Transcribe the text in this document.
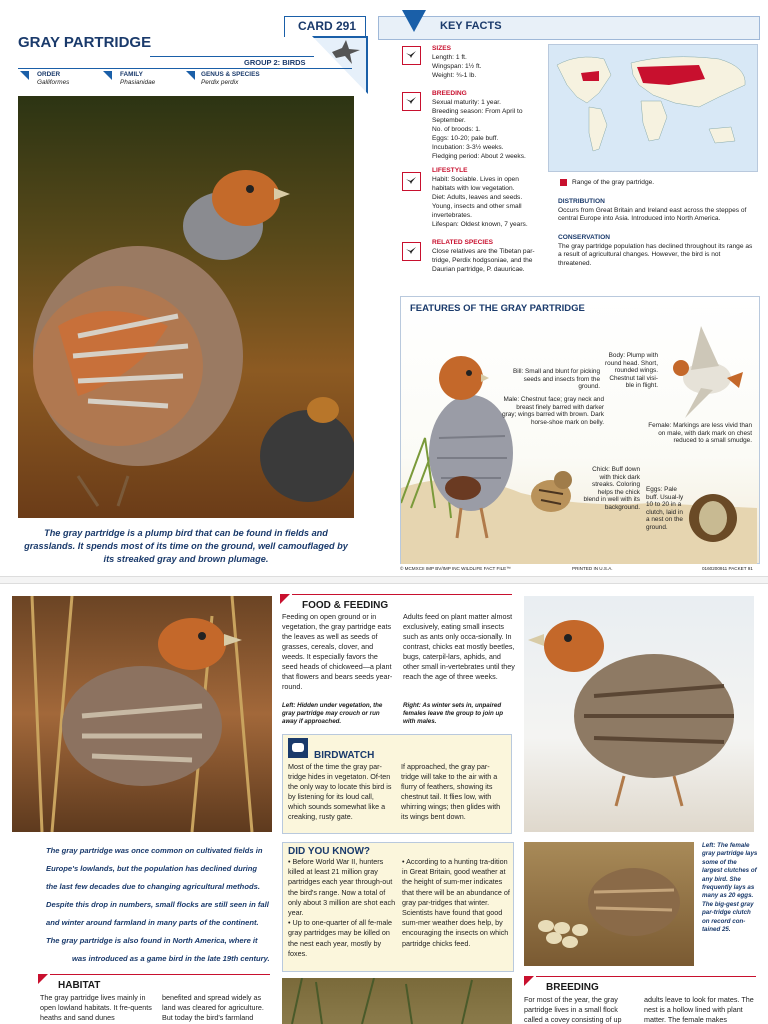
CARD 291
GRAY PARTRIDGE
GROUP 2: BIRDS
ORDER
Galliformes
FAMILY
Phasianidae
GENUS & SPECIES
Perdix perdix
The gray partridge is a plump bird that can be found in fields and grasslands. It spends most of its time on the ground, well camouflaged by its streaked gray and brown plumage.
KEY FACTS
SIZES
Length: 1 ft.
Wingspan: 1½ ft.
Weight: ¾-1 lb.
BREEDING
Sexual maturity: 1 year.
Breeding season: From April to
September.
No. of broods: 1.
Eggs: 10-20; pale buff.
Incubation: 3-3½ weeks.
Fledging period: About 2 weeks.
LIFESTYLE
Habit: Sociable. Lives in open
habitats with low vegetation.
Diet: Adults, leaves and seeds.
Young, insects and other small
invertebrates.
Lifespan: Oldest known, 7 years.
RELATED SPECIES
Close relatives are the Tibetan par-
tridge, Perdix hodgsoniae, and the
Daurian partridge, P. dauuricae.
Range of the gray partridge.
DISTRIBUTION
Occurs from Great Britain and Ireland east across the steppes of central Europe into Asia. Introduced into North America.
CONSERVATION
The gray partridge population has declined throughout its range as a result of agricultural changes. However, the bird is not threatened.
FEATURES OF THE GRAY PARTRIDGE
Bill: Small and blunt for picking seeds and insects from the ground.
Male: Chestnut face; gray neck and breast finely barred with darker gray; wings barred with brown. Dark horse-shoe mark on belly.
Body: Plump with round head. Short, rounded wings. Chestnut tail visi-ble in flight.
Female: Markings are less vivid than on male, with dark mark on chest reduced to a small smudge.
Chick: Buff down with thick dark streaks. Coloring helps the chick blend in well with its background.
Eggs: Pale buff. Usual-ly 10 to 20 in a clutch, laid in a nest on the ground.
© MCMXCII IMP BV/IMP INC WILDLIFE FACT FILE™	PRINTED IN U.S.A.	0160200911 PACKET 91
FOOD & FEEDING
Feeding on open ground or in vegetation, the gray partridge eats the leaves as well as seeds of grasses, cereals, clover, and weeds. It especially favors the seed heads of chickweed—a plant that flowers and bears seeds year-round.
Adults feed on plant matter almost exclusively, eating small insects such as ants only occa-sionally. In contrast, chicks eat mostly beetles, bugs, caterpil-lars, aphids, and other small in-vertebrates until they reach the age of three weeks.
Left: Hidden under vegetation, the gray partridge may crouch or run away if approached.
Right: As winter sets in, unpaired females leave the group to join up with males.
BIRDWATCH
Most of the time the gray par-tridge hides in vegetaton. Of-ten the only way to locate this bird is by listening for its loud call, which sounds somewhat like a creaking, rusty gate.
If approached, the gray par-tridge will take to the air with a flurry of feathers, showing its chestnut tail. It flies low, with whirring wings; then glides with its wings bent down.
The gray partridge was once common on cultivated fields in
Europe's lowlands, but the population has declined during
the last few decades due to changing agricultural methods.
Despite this drop in numbers, small flocks are still seen in fall
and winter around farmland in many parts of the continent.
The gray partridge is also found in North America, where it
was introduced as a game bird in the late 19th century.
DID YOU KNOW?
• Before World War II, hunters killed at least 21 million gray partridges each year through-out the bird's range. Now a total of only about 3 million are shot each year.
• Up to one-quarter of all fe-male gray partridges may be killed on the nest each year, mostly by foxes.
• According to a hunting tra-dition in Great Britain, good weather at the height of sum-mer indicates that there will be an abundance of gray par-tridges that winter. Scientists have found that good sum-mer weather does help, by encouraging the insects on which partridge chicks feed.
Left: The female gray partridge lays some of the largest clutches of any bird. She frequently lays as many as 20 eggs. The big-gest gray par-tridge clutch on record con-tained 25.
HABITAT
The gray partridge lives mainly in open lowland habitats. It fre-quents heaths and sand dunes
benefited and spread widely as land was cleared for agriculture. But today the bird's farmland
BREEDING
For most of the year, the gray partridge lives in a small flock called a covey consisting of up
adults leave to look for mates. The nest is a hollow lined with plant matter. The female makes
